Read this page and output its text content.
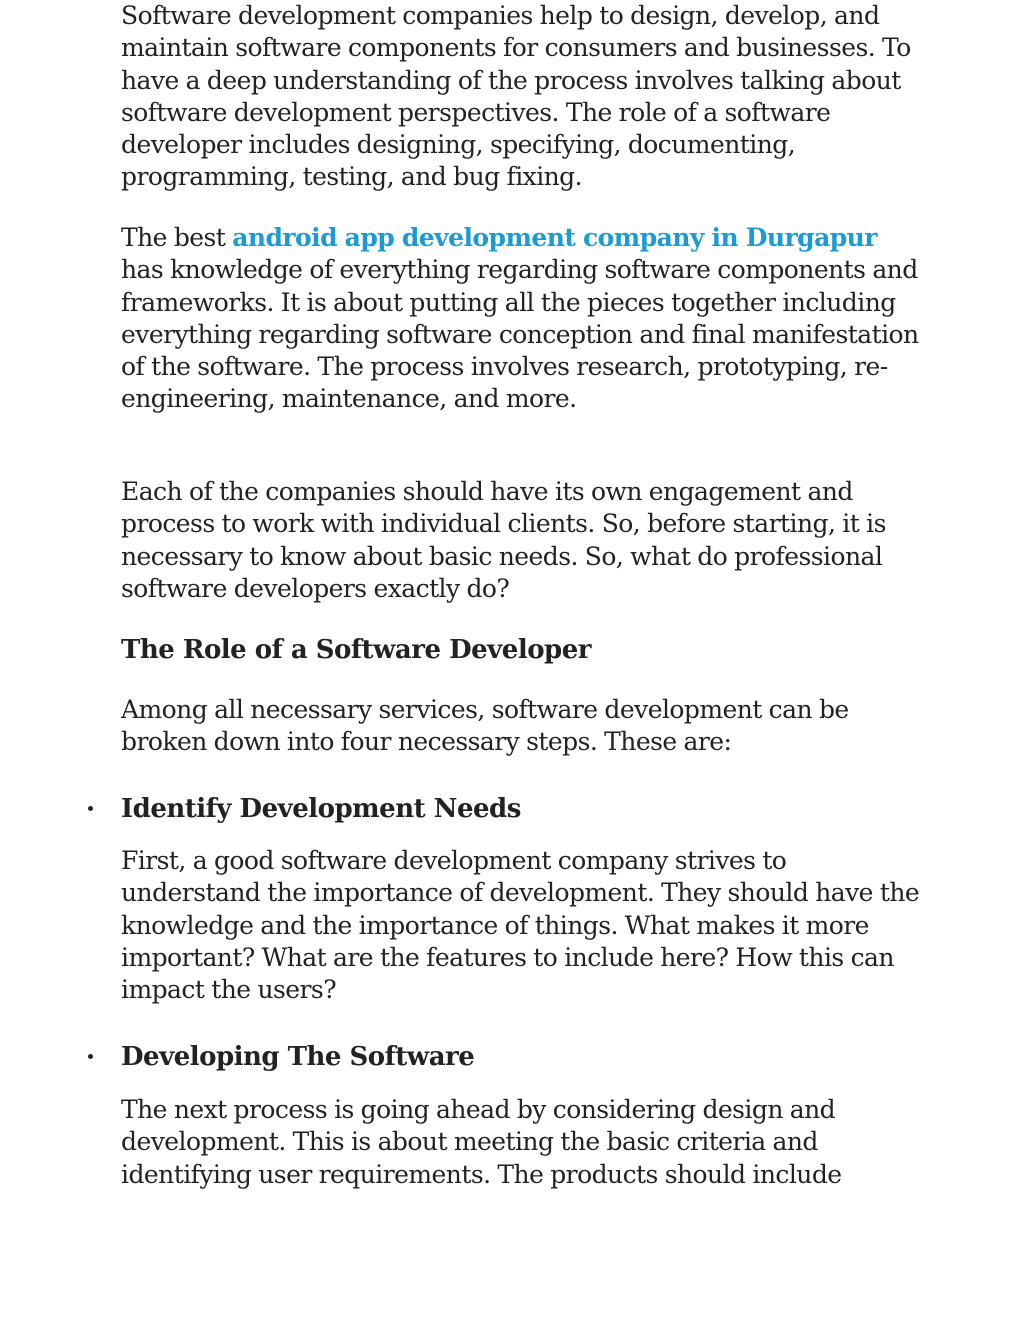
Software development companies help to design, develop, and maintain software components for consumers and businesses. To have a deep understanding of the process involves talking about software development perspectives. The role of a software developer includes designing, specifying, documenting, programming, testing, and bug fixing.

The best android app development company in Durgapur has knowledge of everything regarding software components and frameworks. It is about putting all the pieces together including everything regarding software conception and final manifestation of the software. The process involves research, prototyping, re-engineering, maintenance, and more.

Each of the companies should have its own engagement and process to work with individual clients. So, before starting, it is necessary to know about basic needs. So, what do professional software developers exactly do?

The Role of a Software Developer

Among all necessary services, software development can be broken down into four necessary steps. These are:

Identify Development Needs

First, a good software development company strives to understand the importance of development. They should have the knowledge and the importance of things. What makes it more important? What are the features to include here? How this can impact the users?

Developing The Software

The next process is going ahead by considering design and development. This is about meeting the basic criteria and identifying user requirements. The products should include
